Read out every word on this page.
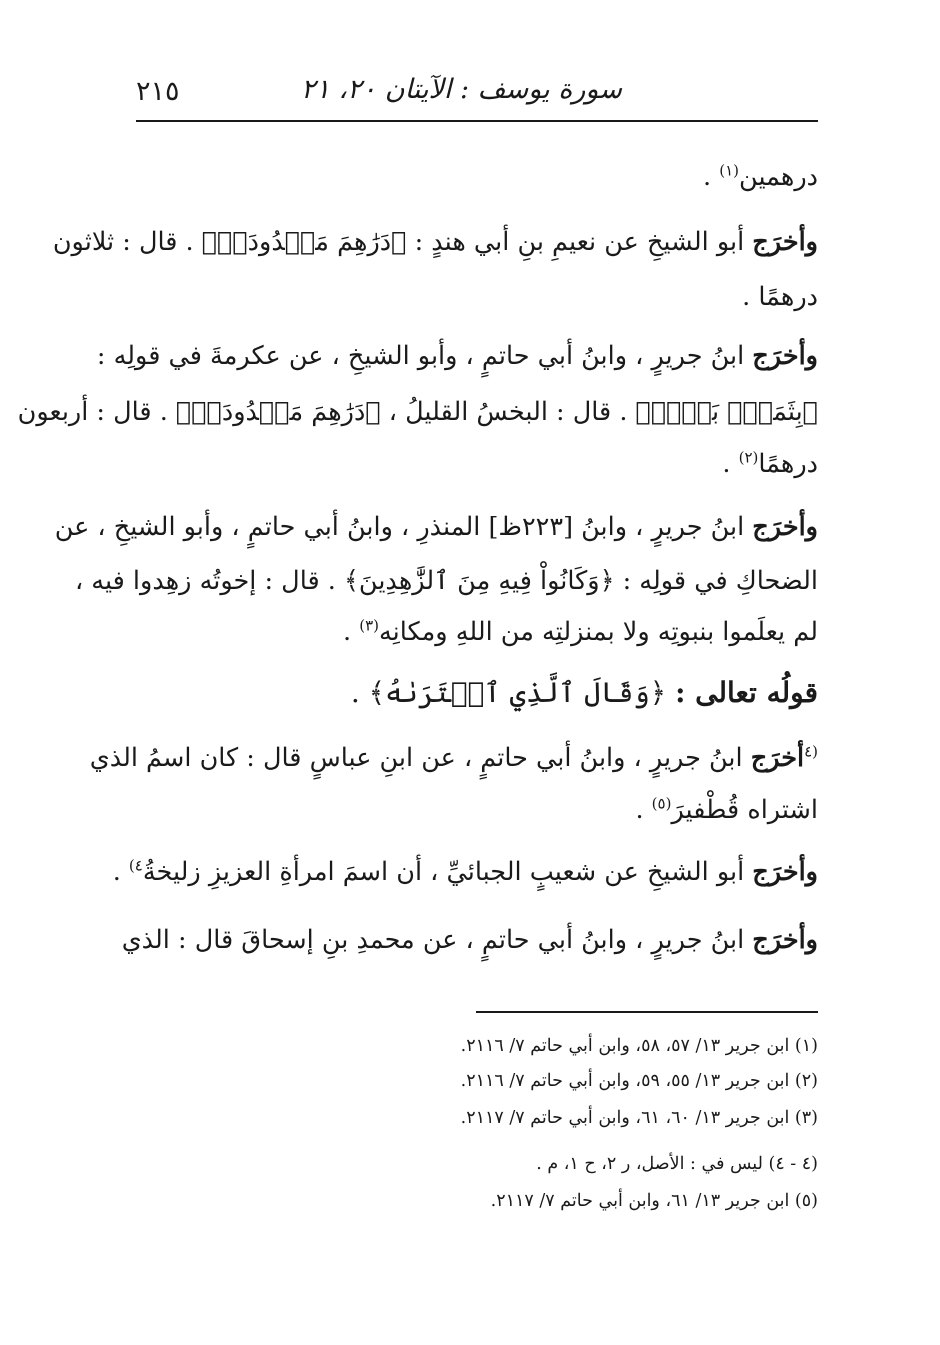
٢١٥	سورة يوسف : الآيتان ٢٠، ٢١
درهمين$^{(١)}$ .
وأخرَج أبو الشيخِ عن نعيمِ بنِ أبي هندٍ : ﴿دَرَٰهِمَ مَعۡدُودَةٖ﴾ . قال : ثلاثون
درهمًا .
وأخرَج ابنُ جريرٍ ، وابنُ أبي حاتمٍ ، وأبو الشيخِ ، عن عكرمةَ في قولِه :
﴿بِثَمَنِۭ بَخۡسٖ﴾ . قال : البخسُ القليلُ ، ﴿دَرَٰهِمَ مَعۡدُودَةٖ﴾ . قال : أربعون
درهمًا$^{(٢)}$ .
وأخرَج ابنُ جريرٍ ، وابنُ [٢٢٣ظ] المنذرِ ، وابنُ أبي حاتمٍ ، وأبو الشيخِ ، عن
الضحاكِ في قولِه : ﴿وَكَانُواْ فِيهِ مِنَ ٱلزَّٰهِدِينَ﴾ . قال : إخوتُه زهِدوا فيه ،
لم يعلَموا بنبوتِه ولا بمنزلتِه من اللهِ ومكانِه$^{(٣)}$ .
قولُه تعالى : ﴿وَقَالَ ٱلَّذِي ٱشۡتَرَىٰهُ﴾ .
$^{(٤}$أخرَج ابنُ جريرٍ ، وابنُ أبي حاتمٍ ، عن ابنِ عباسٍ قال : كان اسمُ الذي
اشتراه قُطْفيرَ$^{(٥)}$ .
وأخرَج أبو الشيخِ عن شعيبٍ الجبائيِّ ، أن اسمَ امرأةِ العزيزِ زليخةُ$^{٤)}$ .
وأخرَج ابنُ جريرٍ ، وابنُ أبي حاتمٍ ، عن محمدِ بنِ إسحاقَ قال : الذي
(١) ابن جرير ١٣/ ٥٧، ٥٨، وابن أبي حاتم ٧/ ٢١١٦.
(٢) ابن جرير ١٣/ ٥٥، ٥٩، وابن أبي حاتم ٧/ ٢١١٦.
(٣) ابن جرير ١٣/ ٦٠، ٦١، وابن أبي حاتم ٧/ ٢١١٧.
(٤ - ٤) ليس في : الأصل، ر ٢، ح ١، م .
(٥) ابن جرير ١٣/ ٦١، وابن أبي حاتم ٧/ ٢١١٧.
